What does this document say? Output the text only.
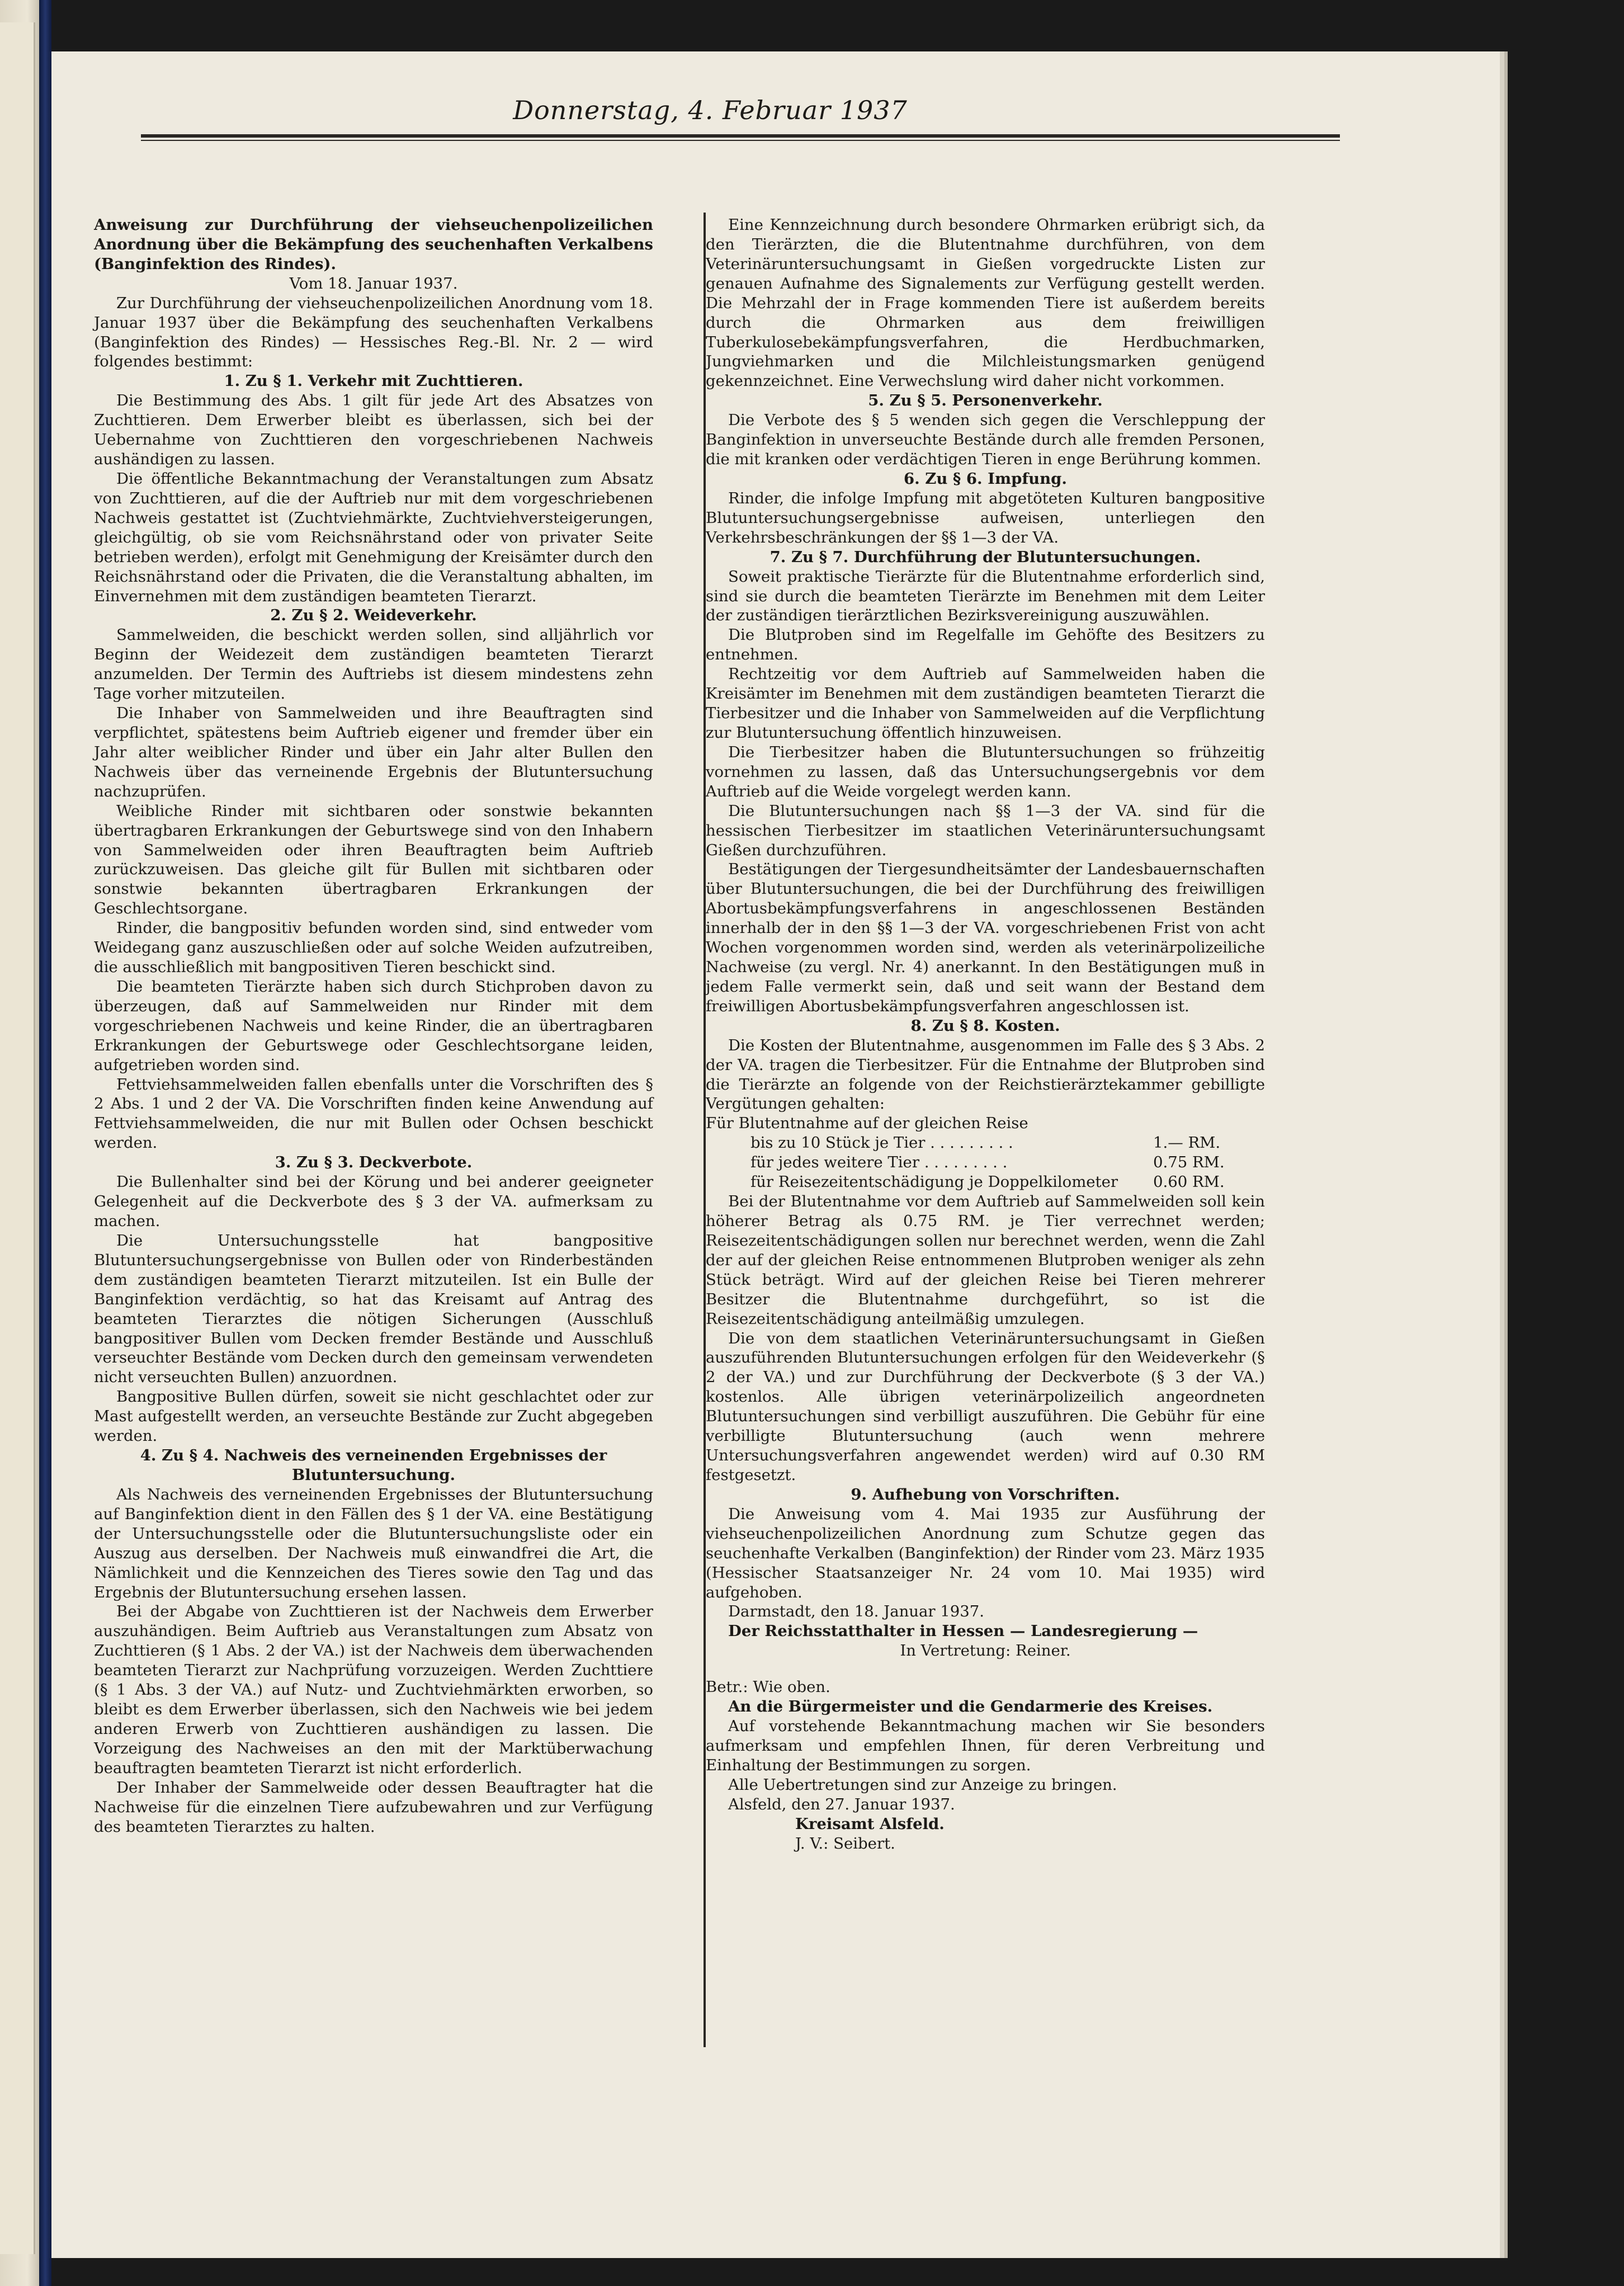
Donnerstag, 4. Februar 1937

Anweisung zur Durchführung der viehseuchenpolizeilichen Anordnung über die Bekämpfung des seuchenhaften Verkalbens (Banginfektion des Rindes).

Vom 18. Januar 1937.

Zur Durchführung der viehseuchenpolizeilichen Anordnung vom 18. Januar 1937 über die Bekämpfung des seuchenhaften Verkalbens (Banginfektion des Rindes) — Hessisches Reg.-Bl. Nr. 2 — wird folgendes bestimmt:

1. Zu § 1. Verkehr mit Zuchttieren.

Die Bestimmung des Abs. 1 gilt für jede Art des Absatzes von Zuchttieren. Dem Erwerber bleibt es überlassen, sich bei der Uebernahme von Zuchttieren den vorgeschriebenen Nachweis aushändigen zu lassen.

Die öffentliche Bekanntmachung der Veranstaltungen zum Absatz von Zuchttieren, auf die der Auftrieb nur mit dem vorgeschriebenen Nachweis gestattet ist (Zuchtviehmärkte, Zuchtviehversteigerungen, gleichgültig, ob sie vom Reichsnährstand oder von privater Seite betrieben werden), erfolgt mit Genehmigung der Kreisämter durch den Reichsnährstand oder die Privaten, die die Veranstaltung abhalten, im Einvernehmen mit dem zuständigen beamteten Tierarzt.

2. Zu § 2. Weideverkehr.

Sammelweiden, die beschickt werden sollen, sind alljährlich vor Beginn der Weidezeit dem zuständigen beamteten Tierarzt anzumelden. Der Termin des Auftriebs ist diesem mindestens zehn Tage vorher mitzuteilen.

Die Inhaber von Sammelweiden und ihre Beauftragten sind verpflichtet, spätestens beim Auftrieb eigener und fremder über ein Jahr alter weiblicher Rinder und über ein Jahr alter Bullen den Nachweis über das verneinende Ergebnis der Blutuntersuchung nachzuprüfen.

Weibliche Rinder mit sichtbaren oder sonstwie bekannten übertragbaren Erkrankungen der Geburtswege sind von den Inhabern von Sammelweiden oder ihren Beauftragten beim Auftrieb zurückzuweisen. Das gleiche gilt für Bullen mit sichtbaren oder sonstwie bekannten übertragbaren Erkrankungen der Geschlechtsorgane.

Rinder, die bangpositiv befunden worden sind, sind entweder vom Weidegang ganz auszuschließen oder auf solche Weiden aufzutreiben, die ausschließlich mit bangpositiven Tieren beschickt sind.

Die beamteten Tierärzte haben sich durch Stichproben davon zu überzeugen, daß auf Sammelweiden nur Rinder mit dem vorgeschriebenen Nachweis und keine Rinder, die an übertragbaren Erkrankungen der Geburtswege oder Geschlechtsorgane leiden, aufgetrieben worden sind.

Fettviehsammelweiden fallen ebenfalls unter die Vorschriften des § 2 Abs. 1 und 2 der VA. Die Vorschriften finden keine Anwendung auf Fettviehsammelweiden, die nur mit Bullen oder Ochsen beschickt werden.

3. Zu § 3. Deckverbote.

Die Bullenhalter sind bei der Körung und bei anderer geeigneter Gelegenheit auf die Deckverbote des § 3 der VA. aufmerksam zu machen.

Die Untersuchungsstelle hat bangpositive Blutuntersuchungsergebnisse von Bullen oder von Rinderbeständen dem zuständigen beamteten Tierarzt mitzuteilen. Ist ein Bulle der Banginfektion verdächtig, so hat das Kreisamt auf Antrag des beamteten Tierarztes die nötigen Sicherungen (Ausschluß bangpositiver Bullen vom Decken fremder Bestände und Ausschluß verseuchter Bestände vom Decken durch den gemeinsam verwendeten nicht verseuchten Bullen) anzuordnen.

Bangpositive Bullen dürfen, soweit sie nicht geschlachtet oder zur Mast aufgestellt werden, an verseuchte Bestände zur Zucht abgegeben werden.

4. Zu § 4. Nachweis des verneinenden Ergebnisses der Blutuntersuchung.

Als Nachweis des verneinenden Ergebnisses der Blutuntersuchung auf Banginfektion dient in den Fällen des § 1 der VA. eine Bestätigung der Untersuchungsstelle oder die Blutuntersuchungsliste oder ein Auszug aus derselben. Der Nachweis muß einwandfrei die Art, die Nämlichkeit und die Kennzeichen des Tieres sowie den Tag und das Ergebnis der Blutuntersuchung ersehen lassen.

Bei der Abgabe von Zuchttieren ist der Nachweis dem Erwerber auszuhändigen. Beim Auftrieb aus Veranstaltungen zum Absatz von Zuchttieren (§ 1 Abs. 2 der VA.) ist der Nachweis dem überwachenden beamteten Tierarzt zur Nachprüfung vorzuzeigen. Werden Zuchttiere (§ 1 Abs. 3 der VA.) auf Nutz- und Zuchtviehmärkten erworben, so bleibt es dem Erwerber überlassen, sich den Nachweis wie bei jedem anderen Erwerb von Zuchttieren aushändigen zu lassen. Die Vorzeigung des Nachweises an den mit der Marktüberwachung beauftragten beamteten Tierarzt ist nicht erforderlich.

Der Inhaber der Sammelweide oder dessen Beauftragter hat die Nachweise für die einzelnen Tiere aufzubewahren und zur Verfügung des beamteten Tierarztes zu halten.

Eine Kennzeichnung durch besondere Ohrmarken erübrigt sich, da den Tierärzten, die die Blutentnahme durchführen, von dem Veterinäruntersuchungsamt in Gießen vorgedruckte Listen zur genauen Aufnahme des Signalements zur Verfügung gestellt werden. Die Mehrzahl der in Frage kommenden Tiere ist außerdem bereits durch die Ohrmarken aus dem freiwilligen Tuberkulosebekämpfungsverfahren, die Herdbuchmarken, Jungviehmarken und die Milchleistungsmarken genügend gekennzeichnet. Eine Verwechslung wird daher nicht vorkommen.

5. Zu § 5. Personenverkehr.

Die Verbote des § 5 wenden sich gegen die Verschleppung der Banginfektion in unverseuchte Bestände durch alle fremden Personen, die mit kranken oder verdächtigen Tieren in enge Berührung kommen.

6. Zu § 6. Impfung.

Rinder, die infolge Impfung mit abgetöteten Kulturen bangpositive Blutuntersuchungsergebnisse aufweisen, unterliegen den Verkehrsbeschränkungen der §§ 1—3 der VA.

7. Zu § 7. Durchführung der Blutuntersuchungen.

Soweit praktische Tierärzte für die Blutentnahme erforderlich sind, sind sie durch die beamteten Tierärzte im Benehmen mit dem Leiter der zuständigen tierärztlichen Bezirksvereinigung auszuwählen.

Die Blutproben sind im Regelfalle im Gehöfte des Besitzers zu entnehmen.

Rechtzeitig vor dem Auftrieb auf Sammelweiden haben die Kreisämter im Benehmen mit dem zuständigen beamteten Tierarzt die Tierbesitzer und die Inhaber von Sammelweiden auf die Verpflichtung zur Blutuntersuchung öffentlich hinzuweisen.

Die Tierbesitzer haben die Blutuntersuchungen so frühzeitig vornehmen zu lassen, daß das Untersuchungsergebnis vor dem Auftrieb auf die Weide vorgelegt werden kann.

Die Blutuntersuchungen nach §§ 1—3 der VA. sind für die hessischen Tierbesitzer im staatlichen Veterinäruntersuchungsamt Gießen durchzuführen.

Bestätigungen der Tiergesundheitsämter der Landesbauernschaften über Blutuntersuchungen, die bei der Durchführung des freiwilligen Abortusbekämpfungsverfahrens in angeschlossenen Beständen innerhalb der in den §§ 1—3 der VA. vorgeschriebenen Frist von acht Wochen vorgenommen worden sind, werden als veterinärpolizeiliche Nachweise (zu vergl. Nr. 4) anerkannt. In den Bestätigungen muß in jedem Falle vermerkt sein, daß und seit wann der Bestand dem freiwilligen Abortusbekämpfungsverfahren angeschlossen ist.

8. Zu § 8. Kosten.

Die Kosten der Blutentnahme, ausgenommen im Falle des § 3 Abs. 2 der VA. tragen die Tierbesitzer. Für die Entnahme der Blutproben sind die Tierärzte an folgende von der Reichstierärztekammer gebilligte Vergütungen gehalten:

Für Blutentnahme auf der gleichen Reise
bis zu 10 Stück je Tier . . . . . . . . .	1.— RM.
für jedes weitere Tier . . . . . . . . .	0.75 RM.
für Reisezeitentschädigung je Doppelkilometer	0.60 RM.

Bei der Blutentnahme vor dem Auftrieb auf Sammelweiden soll kein höherer Betrag als 0.75 RM. je Tier verrechnet werden; Reisezeitentschädigungen sollen nur berechnet werden, wenn die Zahl der auf der gleichen Reise entnommenen Blutproben weniger als zehn Stück beträgt. Wird auf der gleichen Reise bei Tieren mehrerer Besitzer die Blutentnahme durchgeführt, so ist die Reisezeitentschädigung anteilmäßig umzulegen.

Die von dem staatlichen Veterinäruntersuchungsamt in Gießen auszuführenden Blutuntersuchungen erfolgen für den Weideverkehr (§ 2 der VA.) und zur Durchführung der Deckverbote (§ 3 der VA.) kostenlos. Alle übrigen veterinärpolizeilich angeordneten Blutuntersuchungen sind verbilligt auszuführen. Die Gebühr für eine verbilligte Blutuntersuchung (auch wenn mehrere Untersuchungsverfahren angewendet werden) wird auf 0.30 RM festgesetzt.

9. Aufhebung von Vorschriften.

Die Anweisung vom 4. Mai 1935 zur Ausführung der viehseuchenpolizeilichen Anordnung zum Schutze gegen das seuchenhafte Verkalben (Banginfektion) der Rinder vom 23. März 1935 (Hessischer Staatsanzeiger Nr. 24 vom 10. Mai 1935) wird aufgehoben.

Darmstadt, den 18. Januar 1937.

Der Reichsstatthalter in Hessen — Landesregierung —

In Vertretung: Reiner.

Betr.: Wie oben.

An die Bürgermeister und die Gendarmerie des Kreises.

Auf vorstehende Bekanntmachung machen wir Sie besonders aufmerksam und empfehlen Ihnen, für deren Verbreitung und Einhaltung der Bestimmungen zu sorgen.

Alle Uebertretungen sind zur Anzeige zu bringen.

Alsfeld, den 27. Januar 1937.

Kreisamt Alsfeld.

J. V.: Seibert.
